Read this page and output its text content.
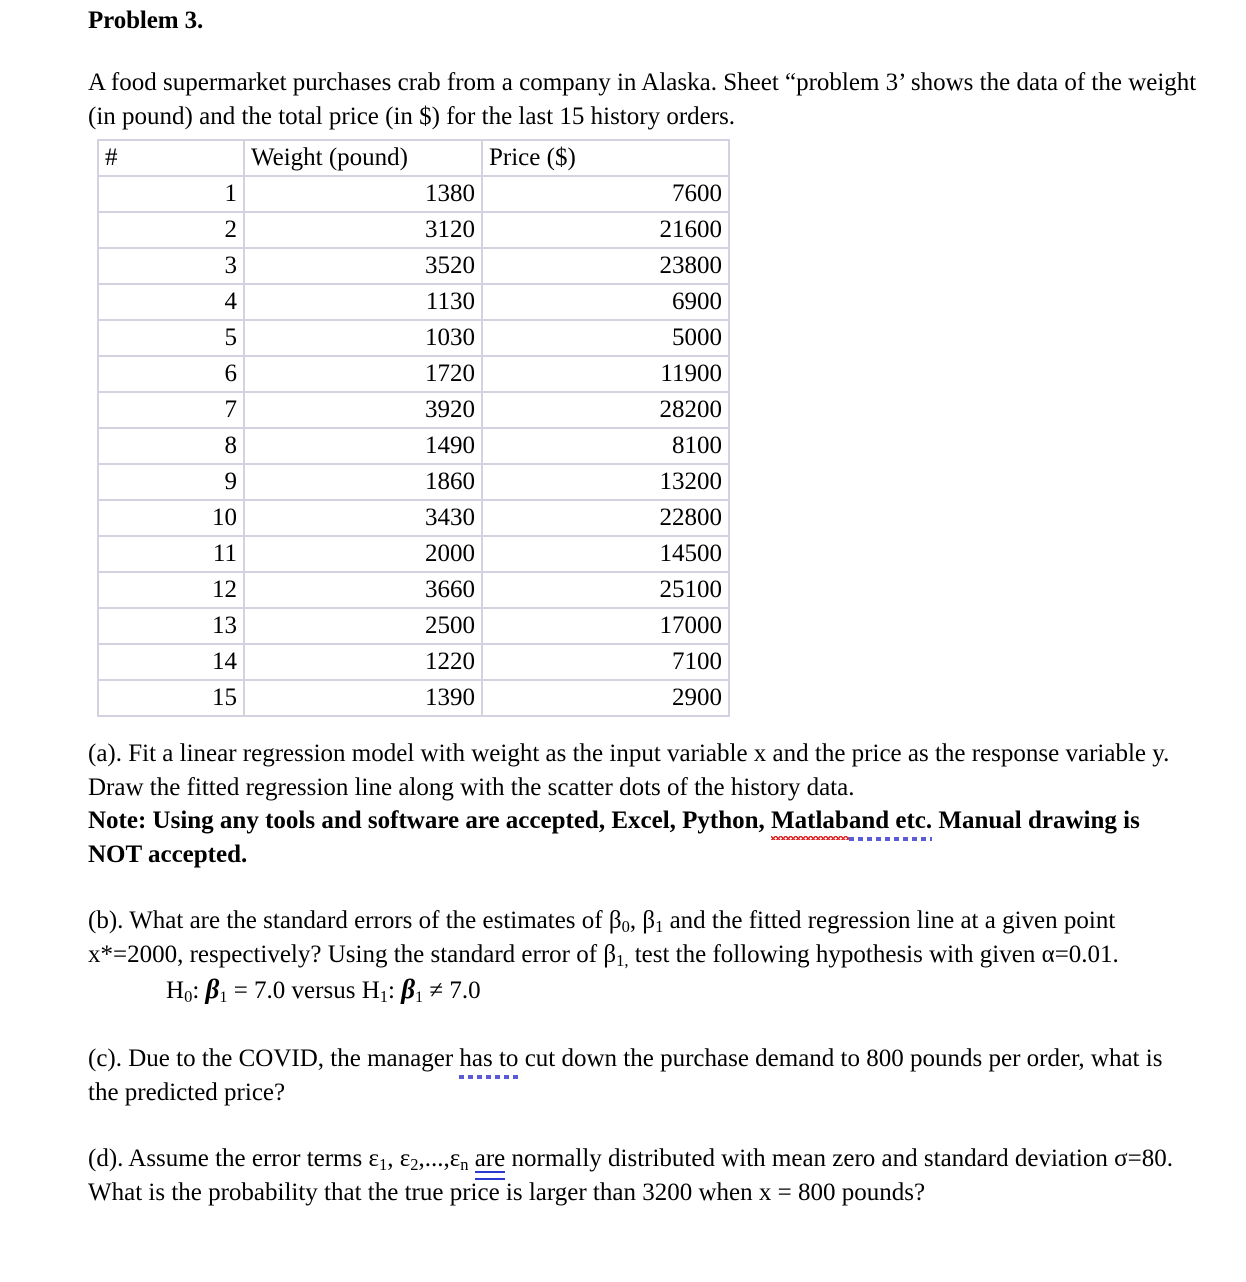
Problem 3.

A food supermarket purchases crab from a company in Alaska. Sheet “problem 3’ shows the data of the weight (in pound) and the total price (in $) for the last 15 history orders.

#	Weight (pound)	Price ($)
1	1380	7600
2	3120	21600
3	3520	23800
4	1130	6900
5	1030	5000
6	1720	11900
7	3920	28200
8	1490	8100
9	1860	13200
10	3430	22800
11	2000	14500
12	3660	25100
13	2500	17000
14	1220	7100
15	1390	2900

(a). Fit a linear regression model with weight as the input variable x and the price as the response variable y. Draw the fitted regression line along with the scatter dots of the history data.
Note: Using any tools and software are accepted, Excel, Python, Matlaband etc. Manual drawing is NOT accepted.

(b). What are the standard errors of the estimates of $\beta_0$, $\beta_1$ and the fitted regression line at a given point x*=2000, respectively? Using the standard error of $\beta_{1,}$ test the following hypothesis with given α=0.01.

$H_0$: $\beta_1 = 7.0$ versus $H_1$: $\beta_1 \ne 7.0$

(c). Due to the COVID, the manager has to cut down the purchase demand to 800 pounds per order, what is the predicted price?

(d). Assume the error terms $\varepsilon_1$, $\varepsilon_2,...,\varepsilon_n$ are normally distributed with mean zero and standard deviation σ=80. What is the probability that the true price is larger than 3200 when x = 800 pounds?
